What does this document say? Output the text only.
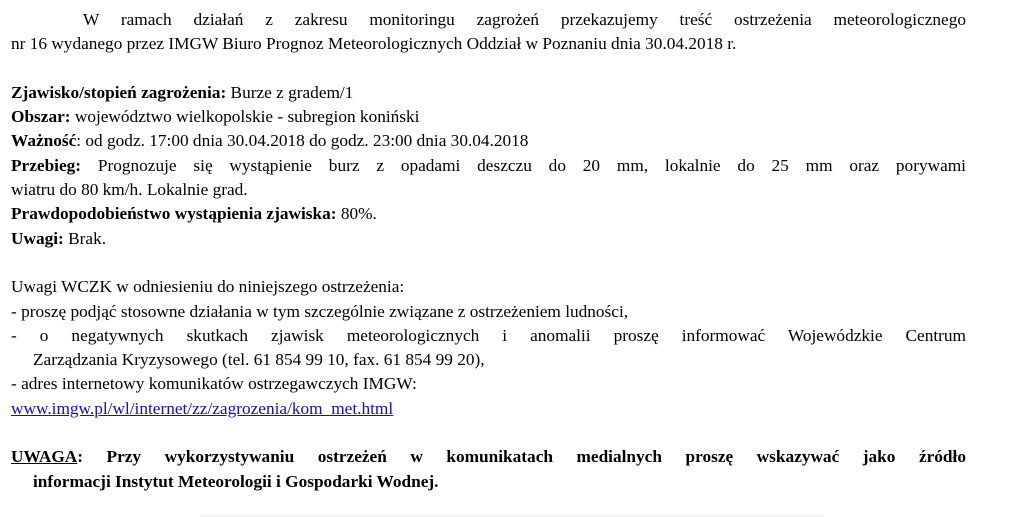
W ramach działań z zakresu monitoringu zagrożeń przekazujemy treść ostrzeżenia meteorologicznego
nr 16 wydanego przez IMGW Biuro Prognoz Meteorologicznych Oddział w Poznaniu dnia 30.04.2018 r.
Zjawisko/stopień zagrożenia: Burze z gradem/1
Obszar: województwo wielkopolskie - subregion koniński
Ważność: od godz. 17:00 dnia 30.04.2018 do godz. 23:00 dnia 30.04.2018
Przebieg: Prognozuje się wystąpienie burz z opadami deszczu do 20 mm, lokalnie do 25 mm oraz porywami
wiatru do 80 km/h. Lokalnie grad.
Prawdopodobieństwo wystąpienia zjawiska: 80%.
Uwagi: Brak.
Uwagi WCZK w odniesieniu do niniejszego ostrzeżenia:
- proszę podjąć stosowne działania w tym szczególnie związane z ostrzeżeniem ludności,
- o negatywnych skutkach zjawisk meteorologicznych i anomalii proszę informować Wojewódzkie Centrum
Zarządzania Kryzysowego (tel. 61 854 99 10, fax. 61 854 99 20),
- adres internetowy komunikatów ostrzegawczych IMGW:
www.imgw.pl/wl/internet/zz/zagrozenia/kom_met.html
UWAGA: Przy wykorzystywaniu ostrzeżeń w komunikatach medialnych proszę wskazywać jako źródło
informacji Instytut Meteorologii i Gospodarki Wodnej.
